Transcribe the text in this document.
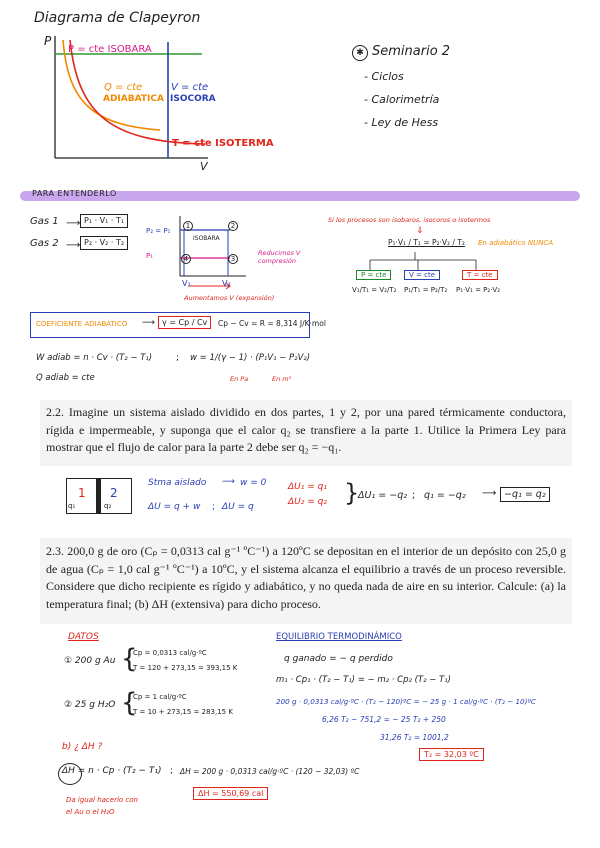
Diagrama de Clapeyron
P
V
P = cte ISOBARA
Q = cte
ADIABATICA
V = cte
ISOCORA
T = cte ISOTERMA
✱ Seminario 2
- Ciclos
- Calorimetría
- Ley de Hess
PARA ENTENDERLO
Gas 1 ⟶ P₁ · V₁ · T₁
Gas 2 ⟶ P₂ · V₂ · T₂
P₂ = P₁
P₁
ISOBARA
1	2
3
4
V₁	V₂
Reducimos V compresión
Aumentamos V (expansión)
Si los procesos son isobaros, isocoros o isotermos
⇓
P₁·V₁ / T₁ = P₂·V₂ / T₂ En adiabático NUNCA
P = cte	V = cte	T = cte
V₁/T₁ = V₂/T₂ P₁/T₁ = P₂/T₂ P₁·V₁ = P₂·V₂
COEFICIENTE ADIABÁTICO ⟶ γ = Cp / Cv	Cp − Cv = R = 8,314 J/K·mol
W adiab = n · Cv · (T₂ − T₁)	; w = 1/(γ − 1) · (P₁V₁ − P₂V₂)
Q adiab = cte	En Pa	En m³

2.2. Imagine un sistema aislado dividido en dos partes, 1 y 2, por una pared térmicamente conductora, rígida e impermeable, y suponga que el calor q₂ se transfiere a la parte 1. Utilice la Primera Ley para mostrar que el flujo de calor para la parte 2 debe ser q₂ = −q₁.

1 2
q₁	q₂
Stma aislado ⟶ w = 0
ΔU = q + w ; ΔU = q
ΔU₁ = q₁
ΔU₂ = q₂ }
ΔU₁ = −q₂ ; q₁ = −q₂ ⟶ −q₁ = q₂

2.3. 200,0 g de oro (Cₚ = 0,0313 cal g⁻¹ ºC⁻¹) a 120ºC se depositan en el interior de un depósito con 25,0 g de agua (Cₚ = 1,0 cal g⁻¹ ºC⁻¹) a 10ºC, y el sistema alcanza el equilibrio a través de un proceso reversible. Considere que dicho recipiente es rígido y adiabático, y no queda nada de aire en su interior. Calcule: (a) la temperatura final; (b) ΔH (extensiva) para dicho proceso.

DATOS
① 200 g Au {
Cp = 0,0313 cal/g·ºC
T = 120 + 273,15 = 393,15 K
② 25 g H₂O {
Cp = 1 cal/g·ºC
T = 10 + 273,15 = 283,15 K
EQUILIBRIO TERMODINÁMICO
q ganado = − q perdido
m₁ · Cp₁ · (T₂ − T₁) = − m₂ · Cp₂ (T₂ − T₁)
200 g · 0,0313 cal/g·ºC · (T₂ − 120)ºC = − 25 g · 1 cal/g·ºC · (T₂ − 10)ºC
6,26 T₂ − 751,2 = − 25 T₂ + 250
31,26 T₂ = 1001,2
T₂ = 32,03 ºC
b) ¿ ΔH ?
ΔH = n · Cp · (T₂ − T₁) ; ΔH = 200 g · 0,0313 cal/g·ºC · (120 − 32,03) ºC
ΔH = 550,69 cal
Da igual hacerlo con el Au o el H₂O
